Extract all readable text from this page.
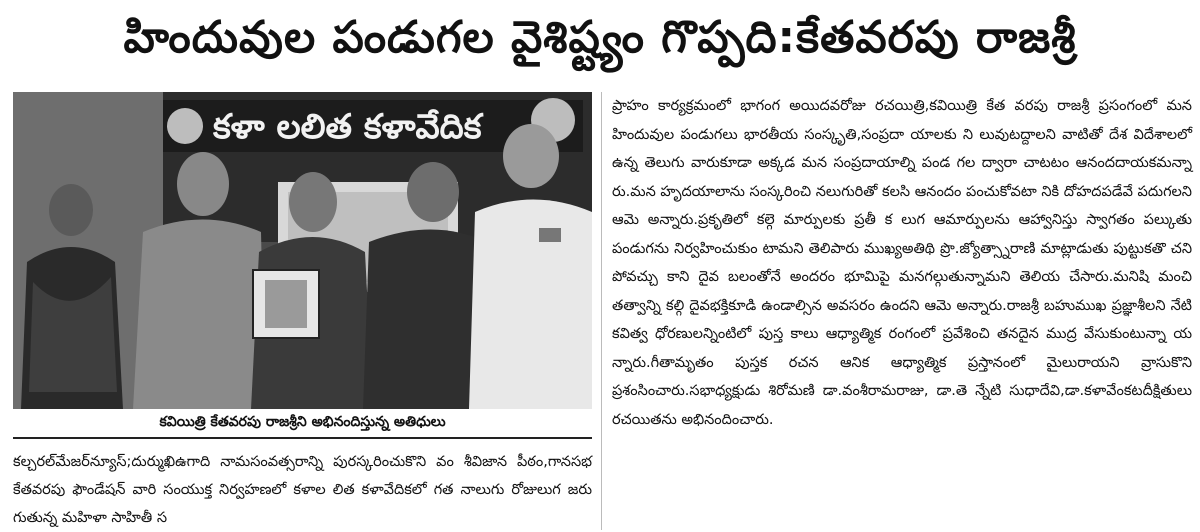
హిందువుల పండుగల వైశిష్ట్యం గొప్పది:కేతవరపు రాజశ్రీ
కళా లలిత కళావేదిక
కవియిత్రి కేతవరపు రాజశ్రీని అభినందిస్తున్న అతిధులు

కల్చరల్‌మేజర్‌న్యూస్‌;దుర్ముఖిఉగాది నామసంవత్సరాన్ని పురస్కరించుకొని వం శీవిజాన పీఠం,గానసభ కేతవరపు ఫౌండేషన్‌ వారి సంయుక్త నిర్వహణలో కళాల లిత కళావేదికలో గత నాలుగు రోజులుగ జరు గుతున్న మహిళా సాహితీ స

ప్రాహం కార్యక్రమంలో భాగంగ అయిదవరోజు రచయిత్రి,కవియిత్రి కేత వరపు రాజశ్రీ ప్రసంగంలో మన హిందువుల పండుగలు భారతీయ సంస్కృతి,సంప్రదా యాలకు ని లువుటద్దాలని వాటితో దేశ విదేశాలలో ఉన్న తెలుగు వారుకూడా అక్కడ మన సంప్రదాయాల్ని పండ గల ద్వారా చాటటం ఆనందదాయకమన్నా రు.మన హృదయాలాను సంస్కరించి నలుగురితో కలసి ఆనందం పంచుకోవటా నికి దోహదపడేవే పదుగలని ఆమె అన్నారు.ప్రకృతిలో కల్గె మార్పులకు ప్రతీ క లుగ ఆమార్పులను ఆహ్వానిస్తు స్వాగతం పల్కుతు పండుగను నిర్వహించుకుం టామని తెలిపారు ముఖ్యఅతిథి ప్రొ.జ్యోత్స్నారాణి మాట్లాడుతు పుట్టుకతొ చని పోవచ్చు కాని దైవ బలంతోనే అందరం భూమిపై మనగల్గుతున్నామని తెలియ చేసారు.మనిషి మంచి తత్వాన్ని కల్గి దైవభక్తికూడి ఉండాల్సిన అవసరం ఉందని ఆమె అన్నారు.రాజశ్రీ బహుముఖ ప్రజ్ఞాశీలని నేటి కవిత్వ ధోరణులన్నింటిలో పుస్త కాలు ఆధ్యాత్మిక రంగంలో ప్రవేశించి తనదైన ముద్ర వేసుకుంటున్నా య న్నారు.గీతామృతం పుస్తక రచన ఆనిక ఆధ్యాత్మిక ప్రస్తానంలో మైలురాయని వ్రాసుకొని ప్రశంసించారు.సభాధ్యక్షుడు శిరోమణి డా.వంశీరామరాజు, డా.తె న్నేటి సుధాదేవి,డా.కళావేంకటదీక్షితులు రచయితను అభినందించారు.
